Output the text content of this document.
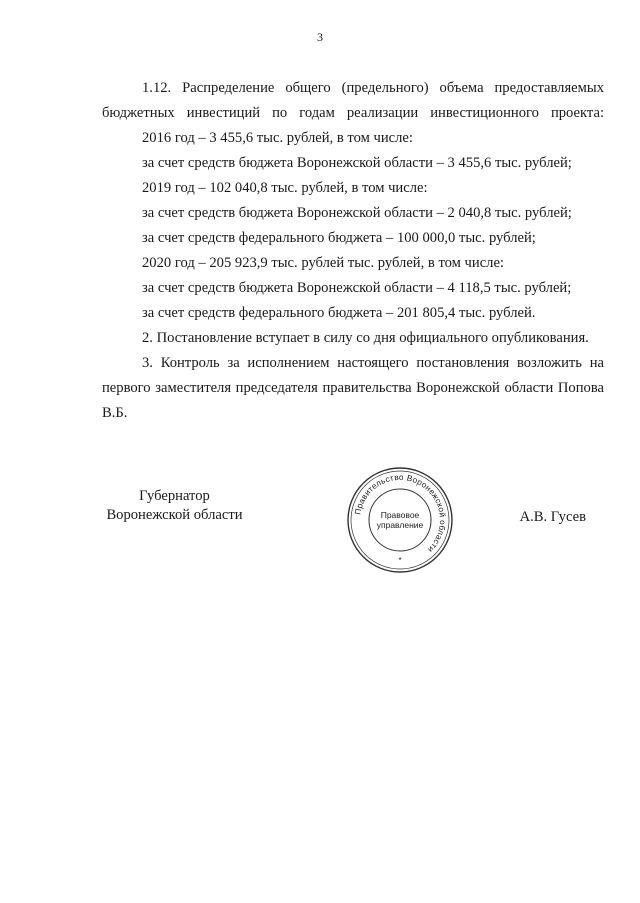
3

1.12. Распределение общего (предельного) объема предоставляемых бюджетных инвестиций по годам реализации инвестиционного проекта:

2016 год – 3 455,6 тыс. рублей, в том числе:

за счет средств бюджета Воронежской области – 3 455,6 тыс. рублей;

2019 год – 102 040,8 тыс. рублей, в том числе:

за счет средств бюджета Воронежской области – 2 040,8 тыс. рублей;

за счет средств федерального бюджета – 100 000,0 тыс. рублей;

2020 год – 205 923,9 тыс. рублей тыс. рублей, в том числе:

за счет средств бюджета Воронежской области – 4 118,5 тыс. рублей;

за счет средств федерального бюджета – 201 805,4 тыс. рублей.

2. Постановление вступает в силу со дня официального опубликования.

3. Контроль за исполнением настоящего постановления возложить на первого заместителя председателя правительства Воронежской области Попова В.Б.

Губернатор
Воронежской области	Правительство Воронежской области
Правовое
управление
*
А.В. Гусев
